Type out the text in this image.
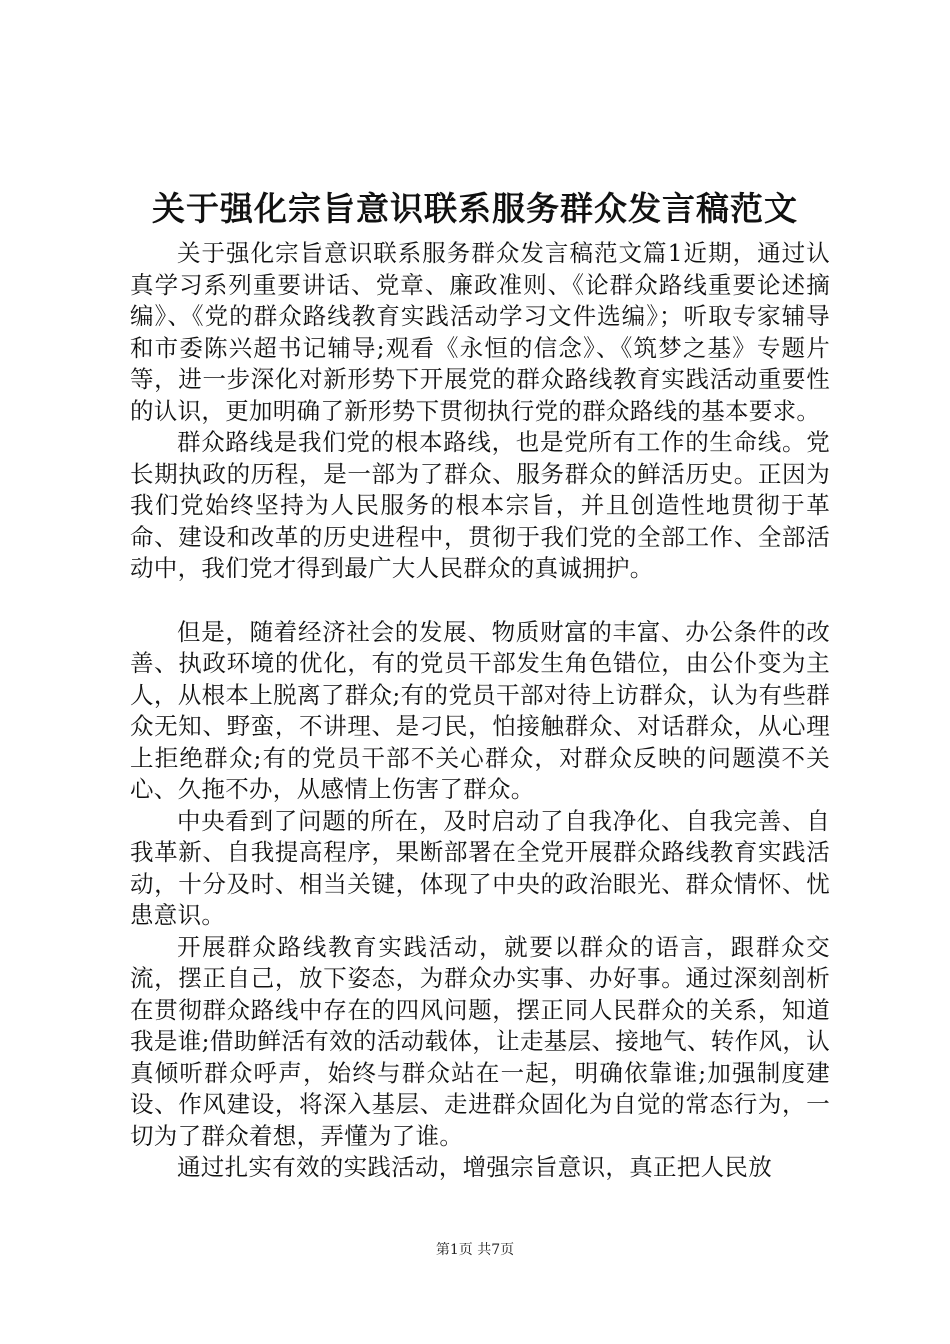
关于强化宗旨意识联系服务群众发言稿范文

关于强化宗旨意识联系服务群众发言稿范文篇1近期，通过认真学习系列重要讲话、党章、廉政准则、《论群众路线重要论述摘编》、《党的群众路线教育实践活动学习文件选编》；听取专家辅导和市委陈兴超书记辅导;观看《永恒的信念》、《筑梦之基》专题片等，进一步深化对新形势下开展党的群众路线教育实践活动重要性的认识，更加明确了新形势下贯彻执行党的群众路线的基本要求。

群众路线是我们党的根本路线，也是党所有工作的生命线。党长期执政的历程，是一部为了群众、服务群众的鲜活历史。正因为我们党始终坚持为人民服务的根本宗旨，并且创造性地贯彻于革命、建设和改革的历史进程中，贯彻于我们党的全部工作、全部活动中，我们党才得到最广大人民群众的真诚拥护。

但是，随着经济社会的发展、物质财富的丰富、办公条件的改善、执政环境的优化，有的党员干部发生角色错位，由公仆变为主人，从根本上脱离了群众;有的党员干部对待上访群众，认为有些群众无知、野蛮，不讲理、是刁民，怕接触群众、对话群众，从心理上拒绝群众;有的党员干部不关心群众，对群众反映的问题漠不关心、久拖不办，从感情上伤害了群众。

中央看到了问题的所在，及时启动了自我净化、自我完善、自我革新、自我提高程序，果断部署在全党开展群众路线教育实践活动，十分及时、相当关键，体现了中央的政治眼光、群众情怀、忧患意识。

开展群众路线教育实践活动，就要以群众的语言，跟群众交流，摆正自己，放下姿态，为群众办实事、办好事。通过深刻剖析在贯彻群众路线中存在的四风问题，摆正同人民群众的关系，知道我是谁;借助鲜活有效的活动载体，让走基层、接地气、转作风，认真倾听群众呼声，始终与群众站在一起，明确依靠谁;加强制度建设、作风建设，将深入基层、走进群众固化为自觉的常态行为，一切为了群众着想，弄懂为了谁。

通过扎实有效的实践活动，增强宗旨意识，真正把人民放

第1页 共7页
